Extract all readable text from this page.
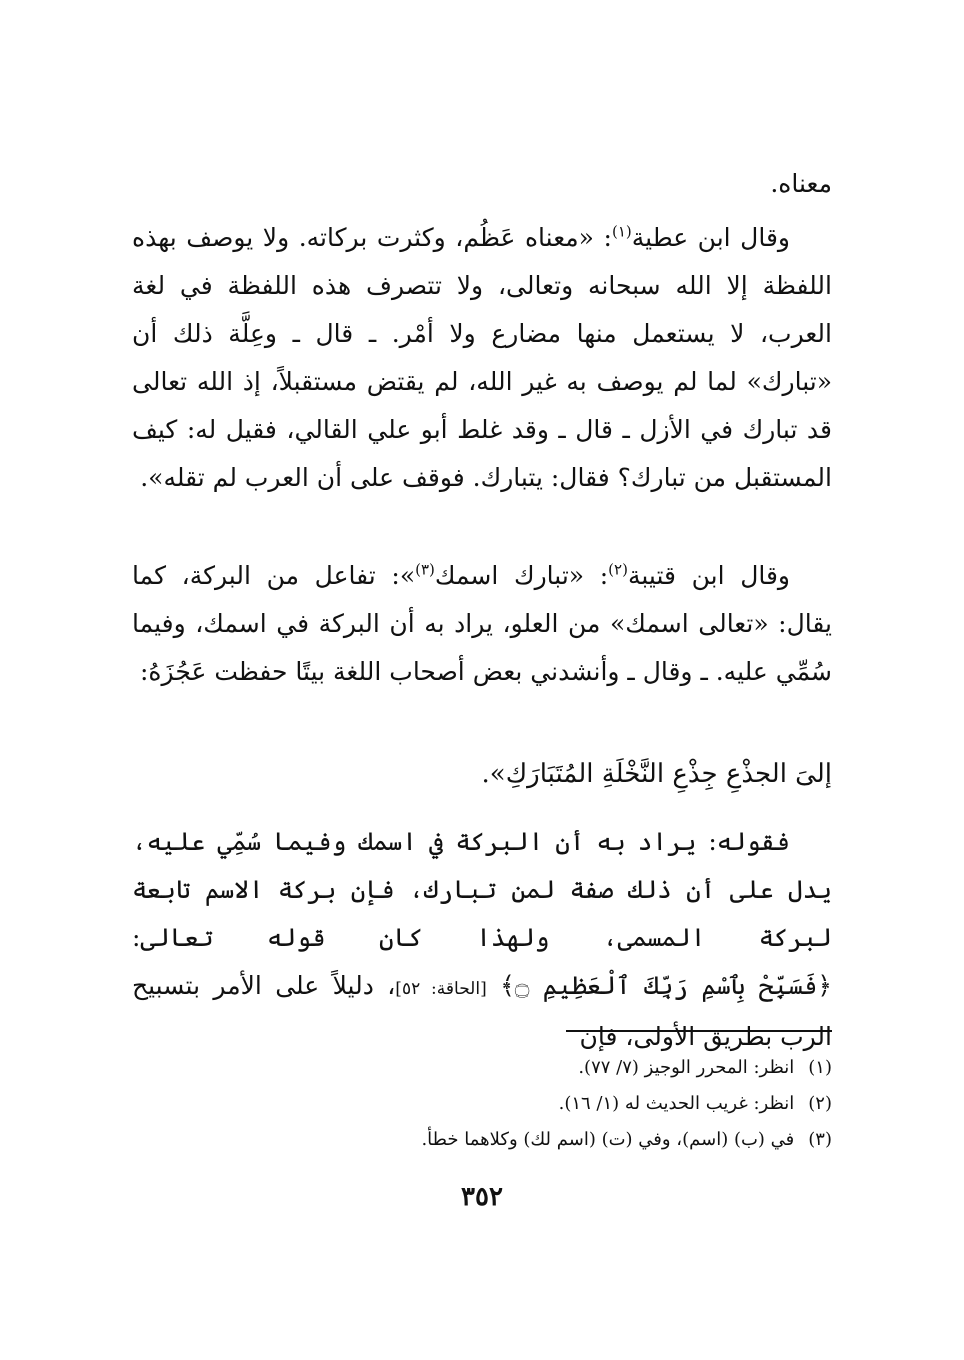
معناه.

وقال ابن عطية$^{(١)}$: «معناه عَظُم، وكثرت بركاته. ولا يوصف بهذه اللفظة إلا الله سبحانه وتعالى، ولا تتصرف هذه اللفظة في لغة العرب، لا يستعمل منها مضارع ولا أمْر. ـ قال ـ وعِلَّة ذلك أن «تبارك» لما لم يوصف به غير الله، لم يقتض مستقبلاً، إذ الله تعالى قد تبارك في الأزل ـ قال ـ وقد غلط أبو علي القالي، فقيل له: كيف المستقبل من تبارك؟ فقال: يتبارك. فوقف على أن العرب لم تقله».

وقال ابن قتيبة$^{(٢)}$: «تبارك اسمك$^{(٣)}$»: تفاعل من البركة، كما يقال: «تعالى اسمك» من العلو، يراد به أن البركة في اسمك، وفيما سُمِّي عليه. ـ وقال ـ وأنشدني بعض أصحاب اللغة بيتًا حفظت عَجُزَهُ:

إلىَ الجذْعِ جِذْعِ النَّخْلَةِ المُتَبَارَكِ».

فقوله: يراد به أن البركة في اسمك وفيما سُمِّي عليه، يدل على أن ذلك صفة لمن تبارك، فإن بركة الاسم تابعة لبركة المسمى، ولهذا كان قوله تعالى: ﴿فَسَبِّحْ بِٱسْمِ رَبِّكَ ٱلْعَظِيمِ ۝﴾ [الحاقة: ٥٢]، دليلاً على الأمر بتسبيح الرب بطريق الأولى، فإن

(١)انظر: المحرر الوجيز (٧/ ٧٧).
(٢)انظر: غريب الحديث له (١/ ١٦).
(٣)في (ب) (اسم)، وفي (ت) (اسم لك) وكلاهما خطأ.
٣٥٢
